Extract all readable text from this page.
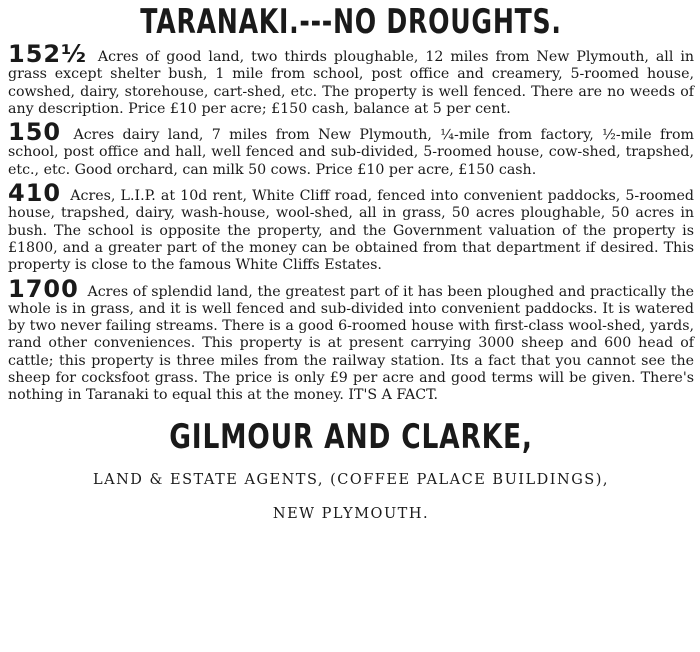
TARANAKI.---NO DROUGHTS.

152½ Acres of good land, two thirds ploughable, 12 miles from New Plymouth, all in grass except shelter bush, 1 mile from school, post office and creamery, 5-roomed house, cowshed, dairy, storehouse, cart-shed, etc. The property is well fenced. There are no weeds of any description. Price £10 per acre; £150 cash, balance at 5 per cent.

150 Acres dairy land, 7 miles from New Plymouth, ¼-mile from factory, ½-mile from school, post office and hall, well fenced and sub-divided, 5-roomed house, cow-shed, trapshed, etc., etc. Good orchard, can milk 50 cows. Price £10 per acre, £150 cash.

410 Acres, L.I.P. at 10d rent, White Cliff road, fenced into convenient paddocks, 5-roomed house, trapshed, dairy, wash-house, wool-shed, all in grass, 50 acres ploughable, 50 acres in bush. The school is opposite the property, and the Government valuation of the property is £1800, and a greater part of the money can be obtained from that department if desired. This property is close to the famous White Cliffs Estates.

1700 Acres of splendid land, the greatest part of it has been ploughed and practically the whole is in grass, and it is well fenced and sub-divided into convenient paddocks. It is watered by two never failing streams. There is a good 6-roomed house with first-class wool-shed, yards, rand other conveniences. This property is at present carrying 3000 sheep and 600 head of cattle; this property is three miles from the railway station. Its a fact that you cannot see the sheep for cocksfoot grass. The price is only £9 per acre and good terms will be given. There's nothing in Taranaki to equal this at the money. IT'S A FACT.

GILMOUR AND CLARKE,
LAND & ESTATE AGENTS, (COFFEE PALACE BUILDINGS),
NEW PLYMOUTH.
